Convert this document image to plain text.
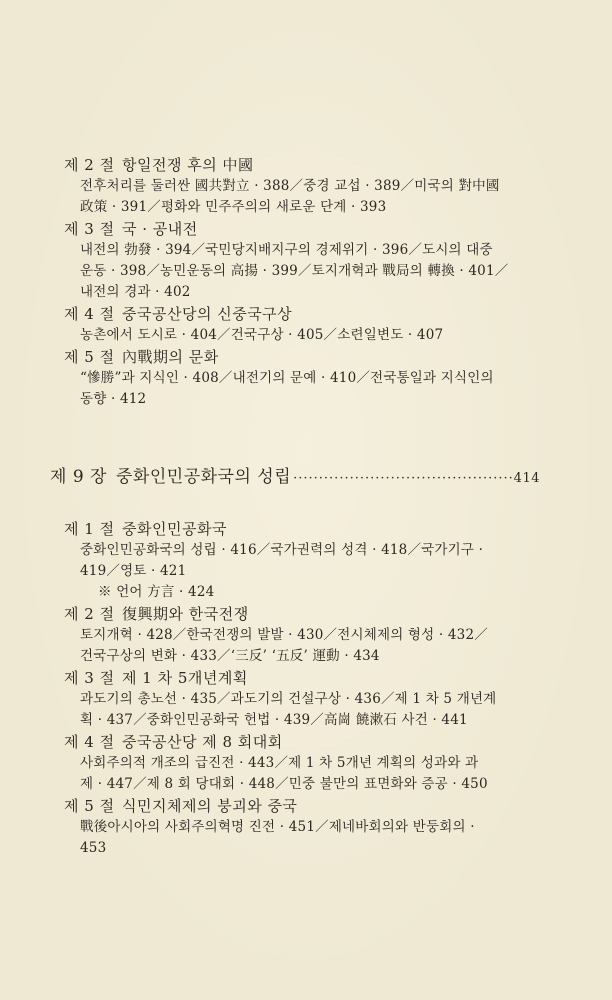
제 2 절 항일전쟁 후의 中國
전후처리를 둘러싼 國共對立 · 388／중경 교섭 · 389／미국의 對中國
政策 · 391／평화와 민주주의의 새로운 단계 · 393
제 3 절 국 · 공내전
내전의 勃發 · 394／국민당지배지구의 경제위기 · 396／도시의 대중
운동 · 398／농민운동의 高揚 · 399／토지개혁과 戰局의 轉換 · 401／
내전의 경과 · 402
제 4 절 중국공산당의 신중국구상
농촌에서 도시로 · 404／건국구상 · 405／소련일변도 · 407
제 5 절 內戰期의 문화
“慘勝”과 지식인 · 408／내전기의 문예 · 410／전국통일과 지식인의
동향 · 412
제 9 장 중화인민공화국의 성립
·····	414
제 1 절 중화인민공화국
중화인민공화국의 성립 · 416／국가권력의 성격 · 418／국가기구 ·
419／영토 · 421
※ 언어 方言 · 424
제 2 절 復興期와 한국전쟁
토지개혁 · 428／한국전쟁의 발발 · 430／전시체제의 형성 · 432／
건국구상의 변화 · 433／‘三反’ ‘五反’ 運動 · 434
제 3 절 제 1 차 5개년계획
과도기의 총노선 · 435／과도기의 건설구상 · 436／제 1 차 5 개년계
획 · 437／중화인민공화국 헌법 · 439／高崗 饒漱石 사건 · 441
제 4 절 중국공산당 제 8 회대회
사회주의적 개조의 급진전 · 443／제 1 차 5개년 계획의 성과와 과
제 · 447／제 8 회 당대회 · 448／민중 불만의 표면화와 증공 · 450
제 5 절 식민지체제의 붕괴와 중국
戰後아시아의 사회주의혁명 진전 · 451／제네바회의와 반둥회의 ·
453
